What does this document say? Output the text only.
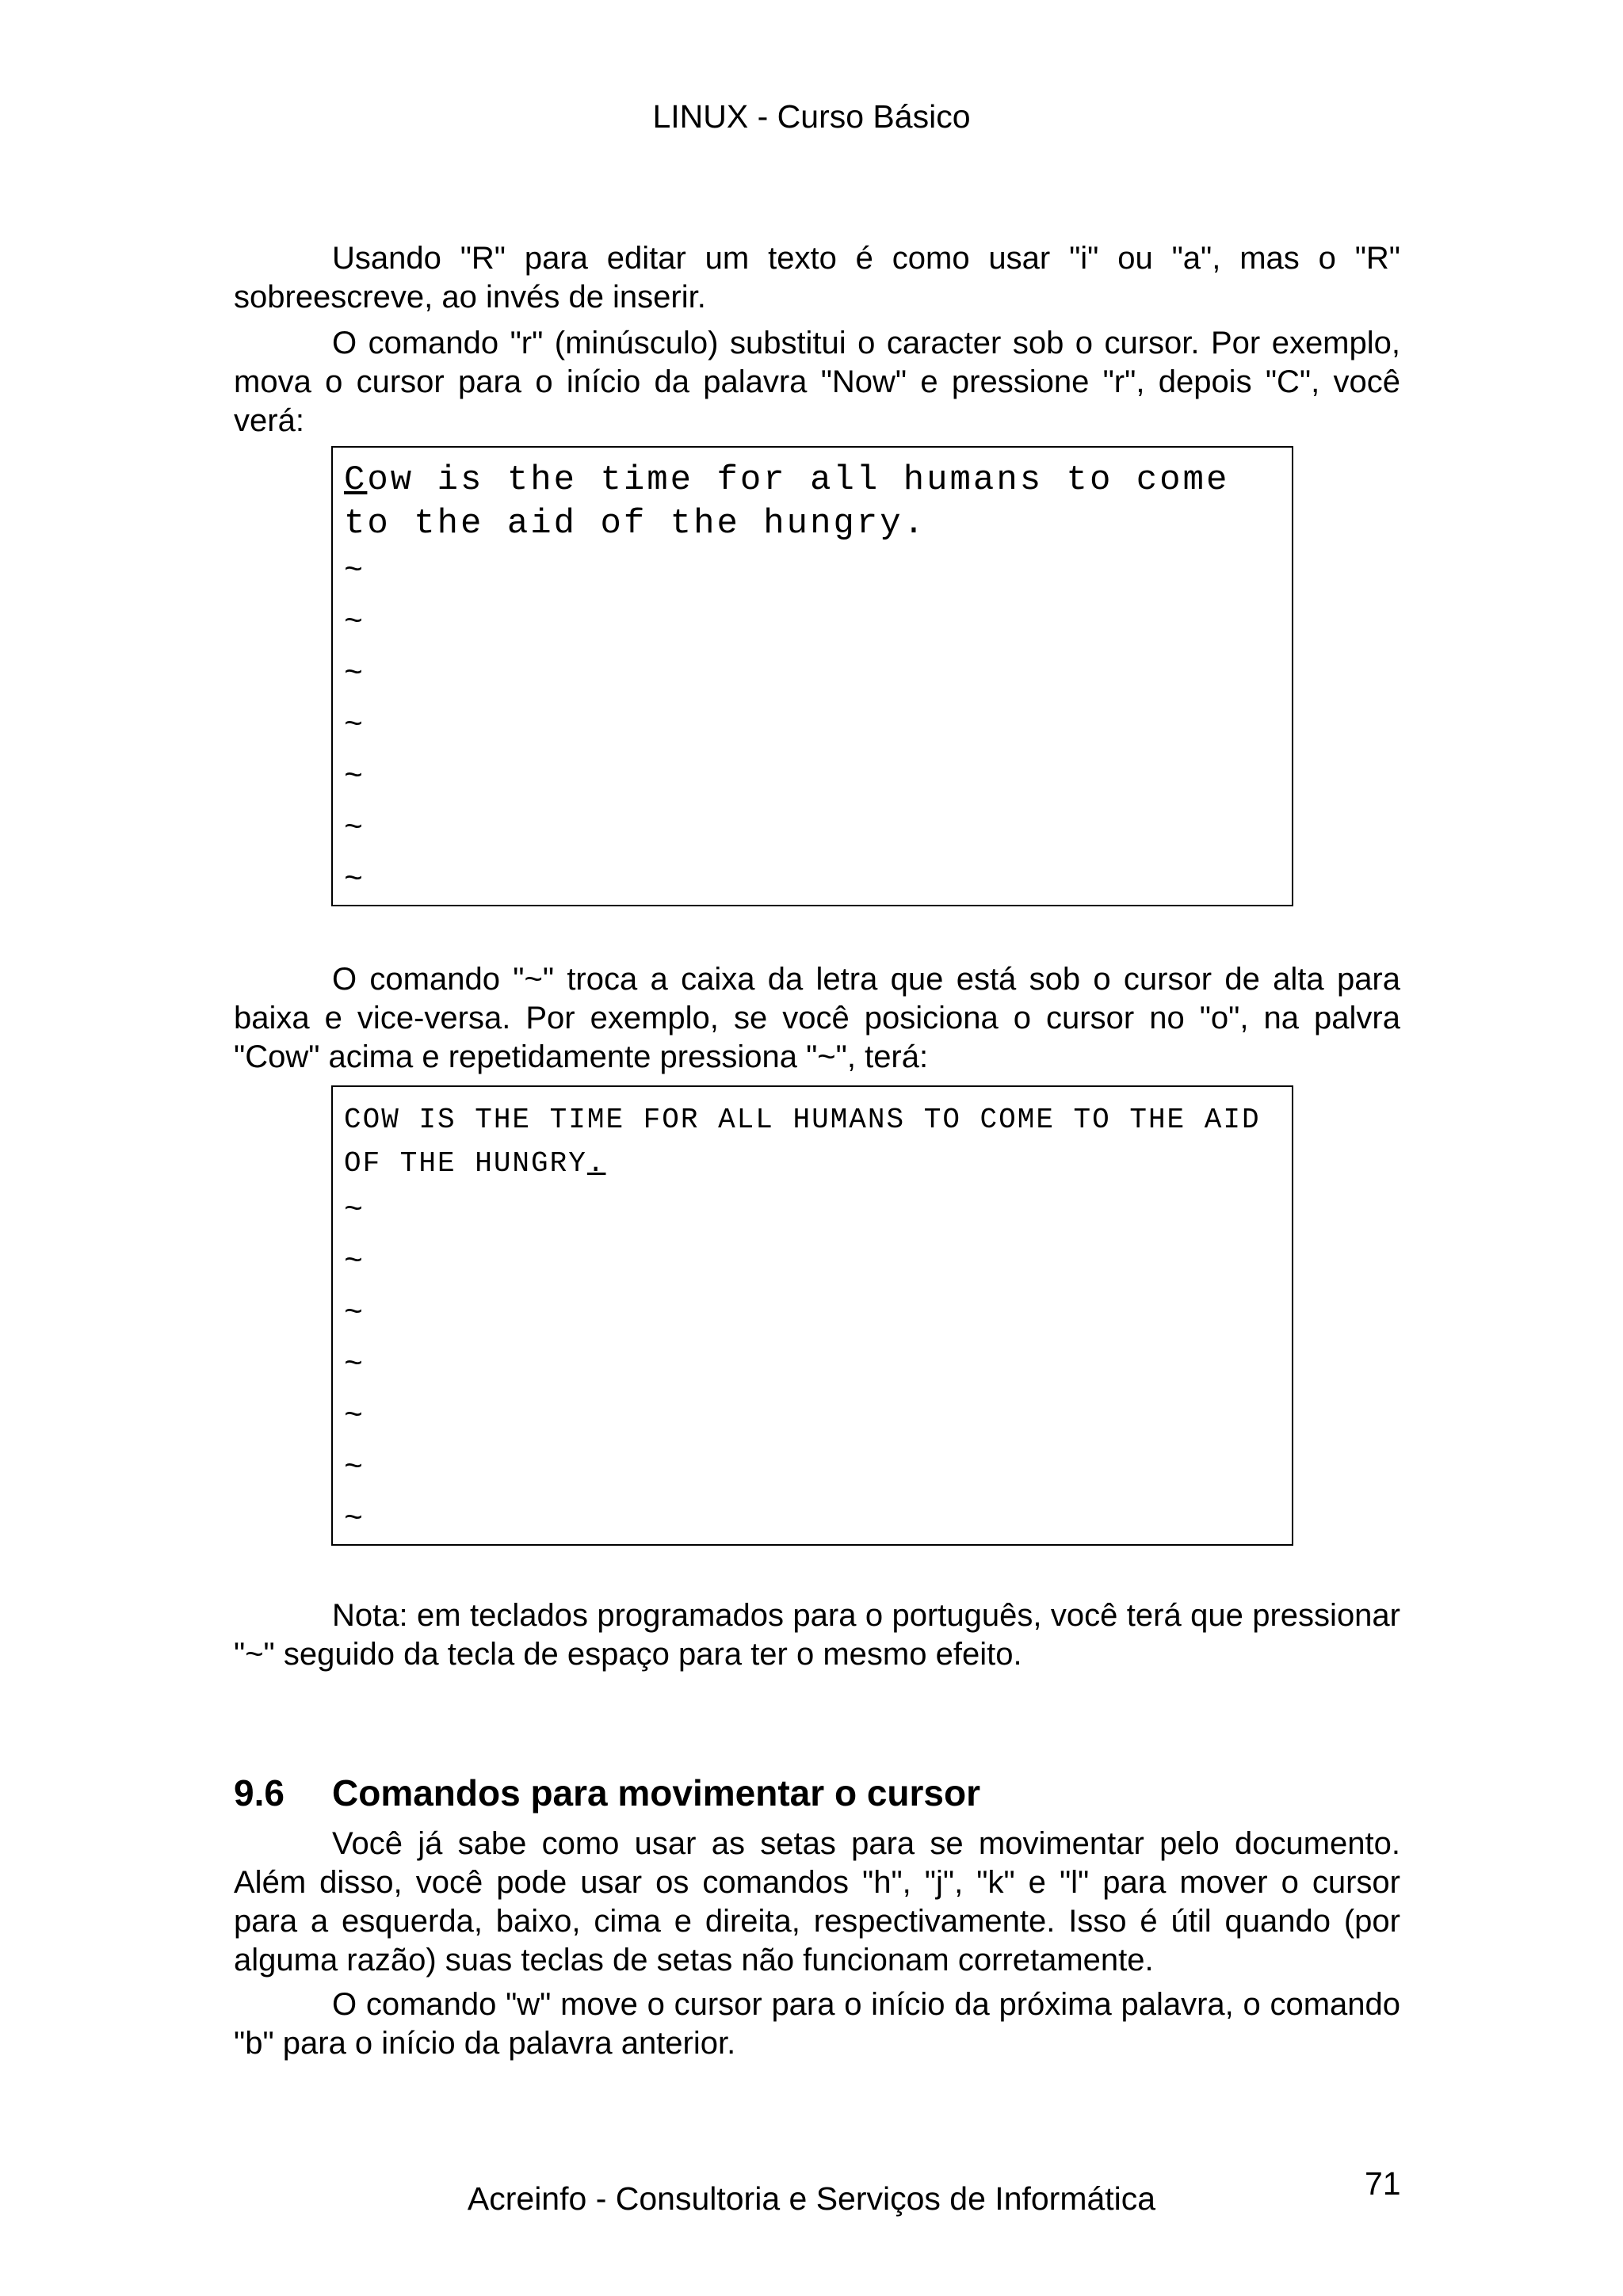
LINUX - Curso Básico

Usando "R" para editar um texto é como usar "i" ou "a", mas o "R" sobreescreve, ao invés de inserir.

O comando "r" (minúsculo) substitui o caracter sob o cursor. Por exemplo, mova o cursor para o início da palavra "Now" e pressione "r", depois "C", você verá:

Cow is the time for all humans to come
to the aid of the hungry.
~
~
~
~
~
~
~

O comando "~" troca a caixa da letra que está sob o cursor de alta para baixa e vice-versa. Por exemplo, se você posiciona o cursor no "o", na palvra "Cow" acima e repetidamente pressiona "~", terá:

COW IS THE TIME FOR ALL HUMANS TO COME TO THE AID
OF THE HUNGRY.
~
~
~
~
~
~
~

Nota: em teclados programados para o português, você terá que pressionar "~" seguido da tecla de espaço para ter o mesmo efeito.

9.6 Comandos para movimentar o cursor

Você já sabe como usar as setas para se movimentar pelo documento. Além disso, você pode usar os comandos "h", "j", "k" e "l" para mover o cursor para a esquerda, baixo, cima e direita, respectivamente. Isso é útil quando (por alguma razão) suas teclas de setas não funcionam corretamente.

O comando "w" move o cursor para o início da próxima palavra, o comando "b" para o início da palavra anterior.

Acreinfo - Consultoria e Serviços de Informática	71
